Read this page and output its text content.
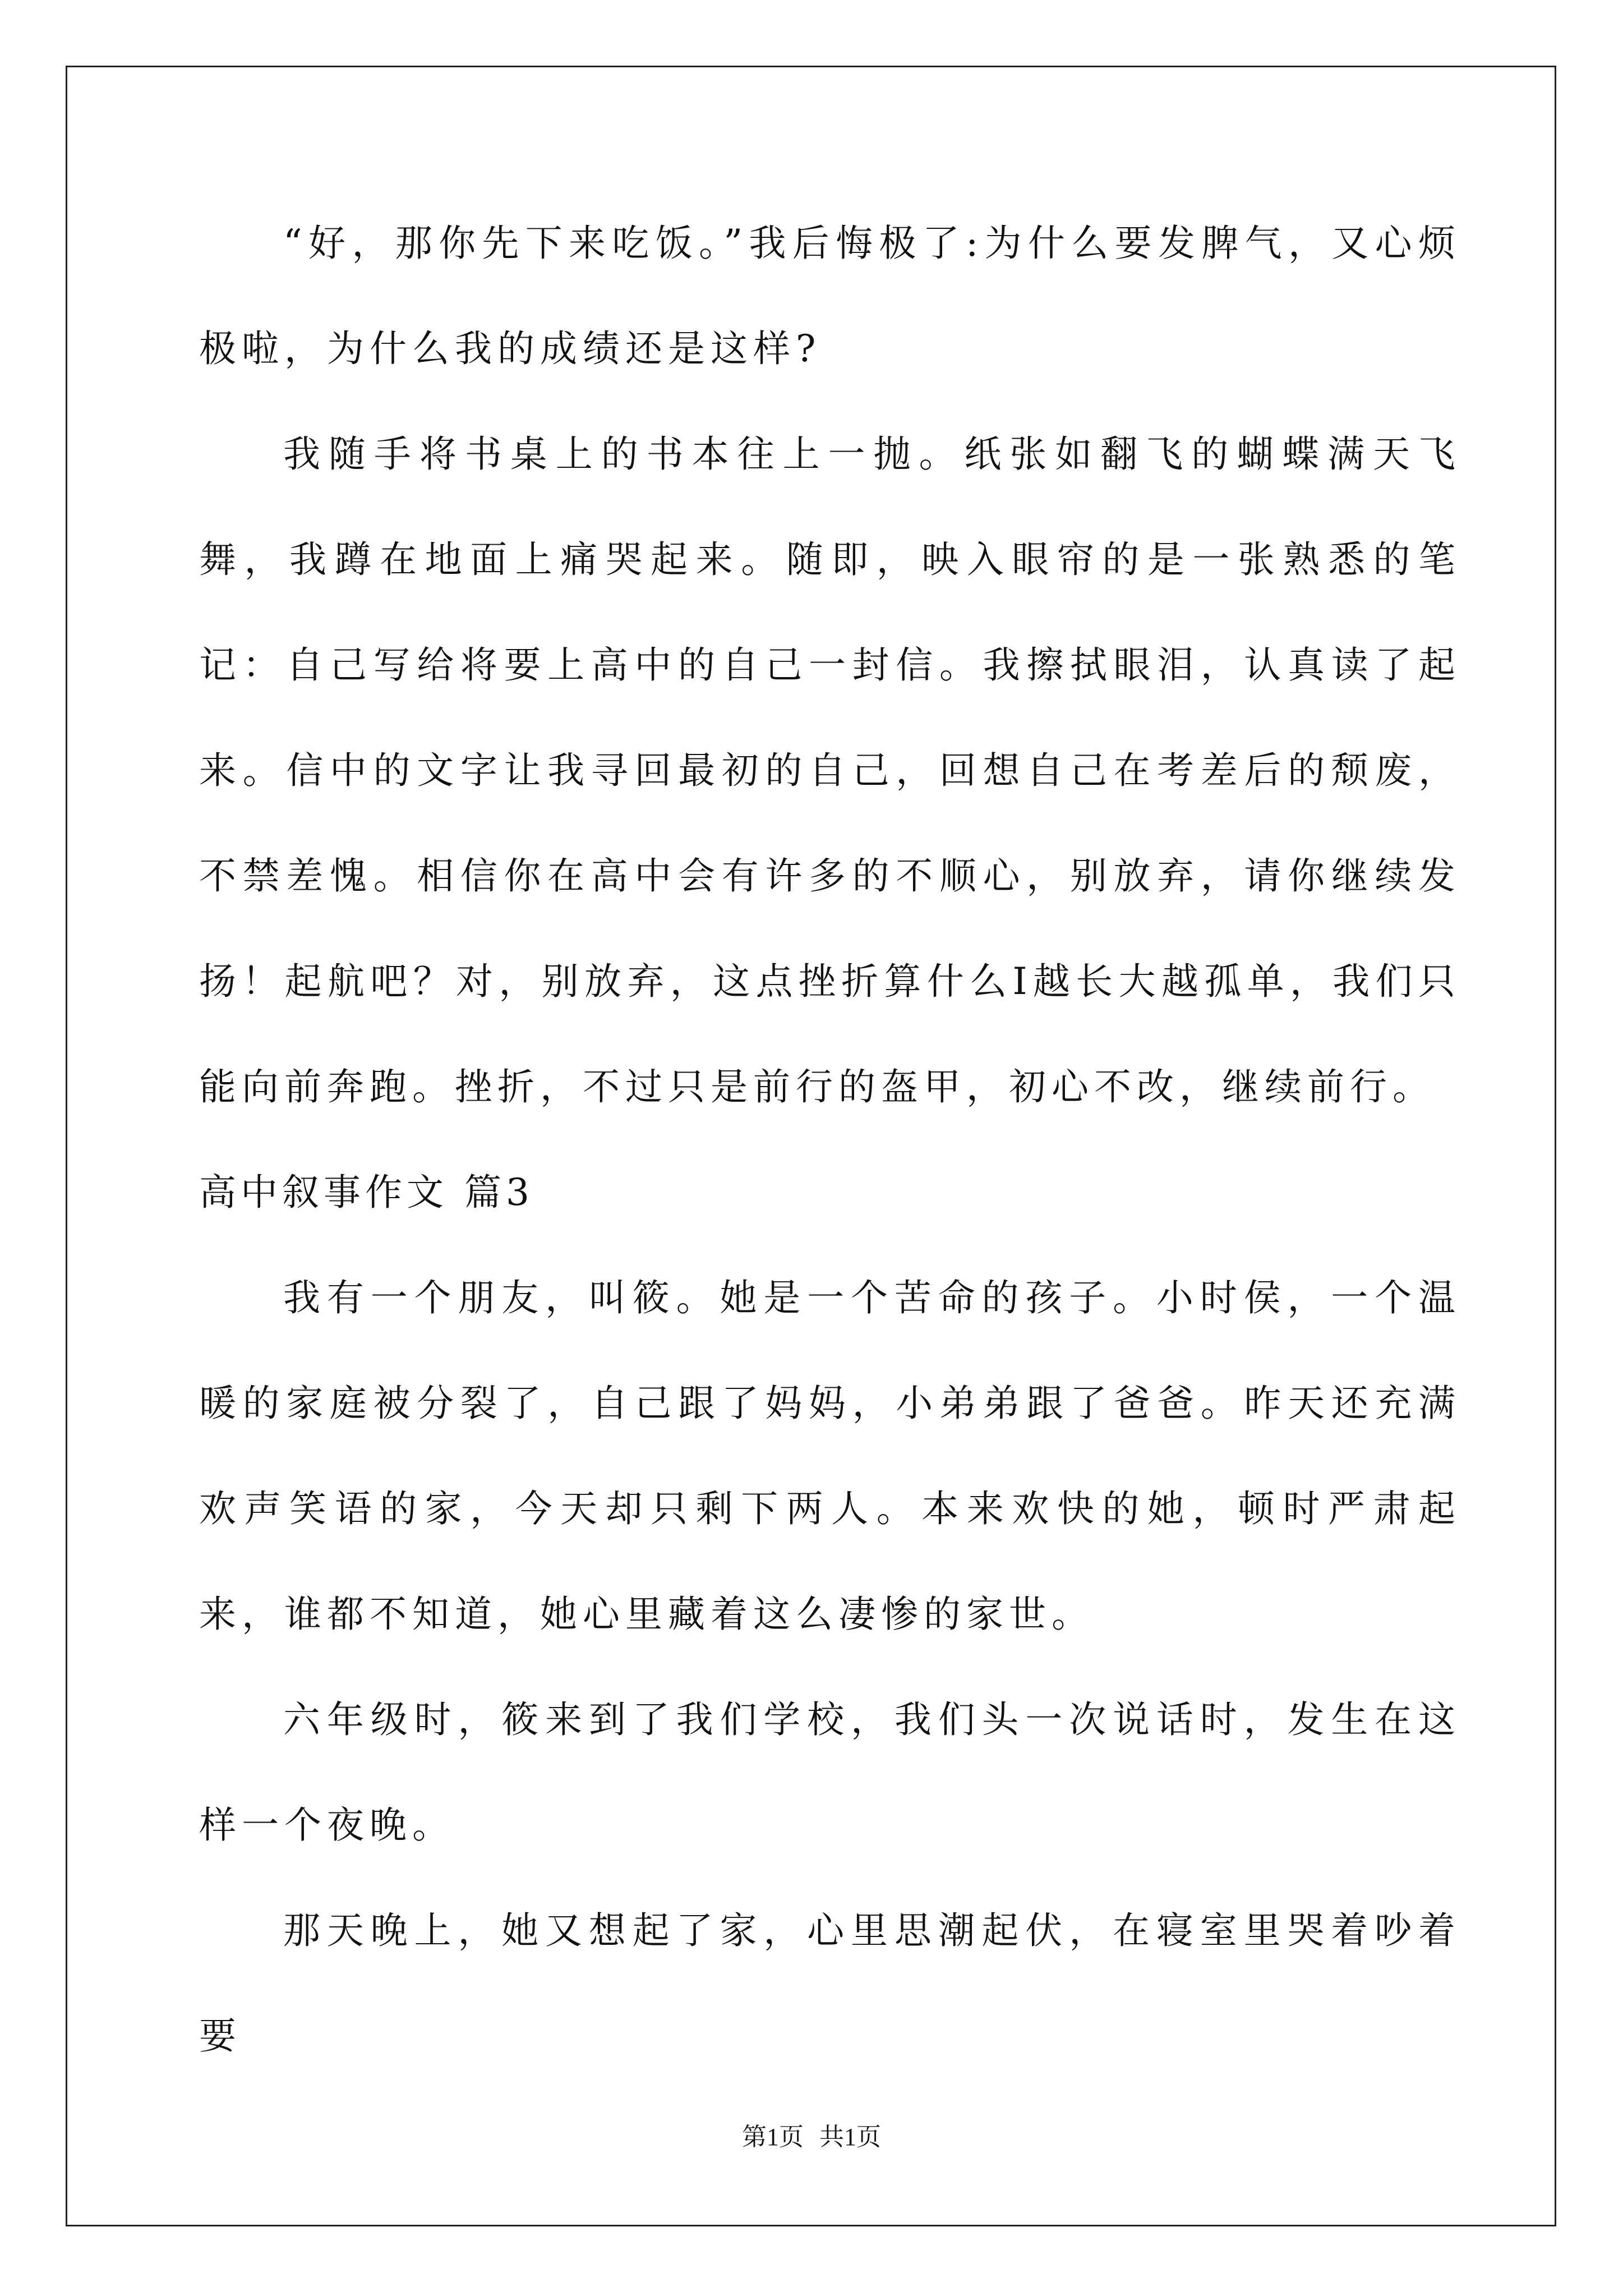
“好，那你先下来吃饭。”我后悔极了:为什么要发脾气，又心烦极啦，为什么我的成绩还是这样?

我随手将书桌上的书本往上一抛。纸张如翻飞的蝴蝶满天飞舞，我蹲在地面上痛哭起来。随即，映入眼帘的是一张熟悉的笔记：自己写给将要上高中的自己一封信。我擦拭眼泪，认真读了起来。信中的文字让我寻回最初的自己，回想自己在考差后的颓废，不禁差愧。相信你在高中会有许多的不顺心，别放弃，请你继续发扬！起航吧？对，别放弃，这点挫折算什么I越长大越孤单，我们只能向前奔跑。挫折，不过只是前行的盔甲，初心不改，继续前行。

高中叙事作文 篇3

我有一个朋友，叫筱。她是一个苦命的孩子。小时侯，一个温暖的家庭被分裂了，自己跟了妈妈，小弟弟跟了爸爸。昨天还充满欢声笑语的家，今天却只剩下两人。本来欢快的她，顿时严肃起来，谁都不知道，她心里藏着这么凄惨的家世。

六年级时，筱来到了我们学校，我们头一次说话时，发生在这样一个夜晚。

那天晚上，她又想起了家，心里思潮起伏，在寝室里哭着吵着要

第1页 共1页
